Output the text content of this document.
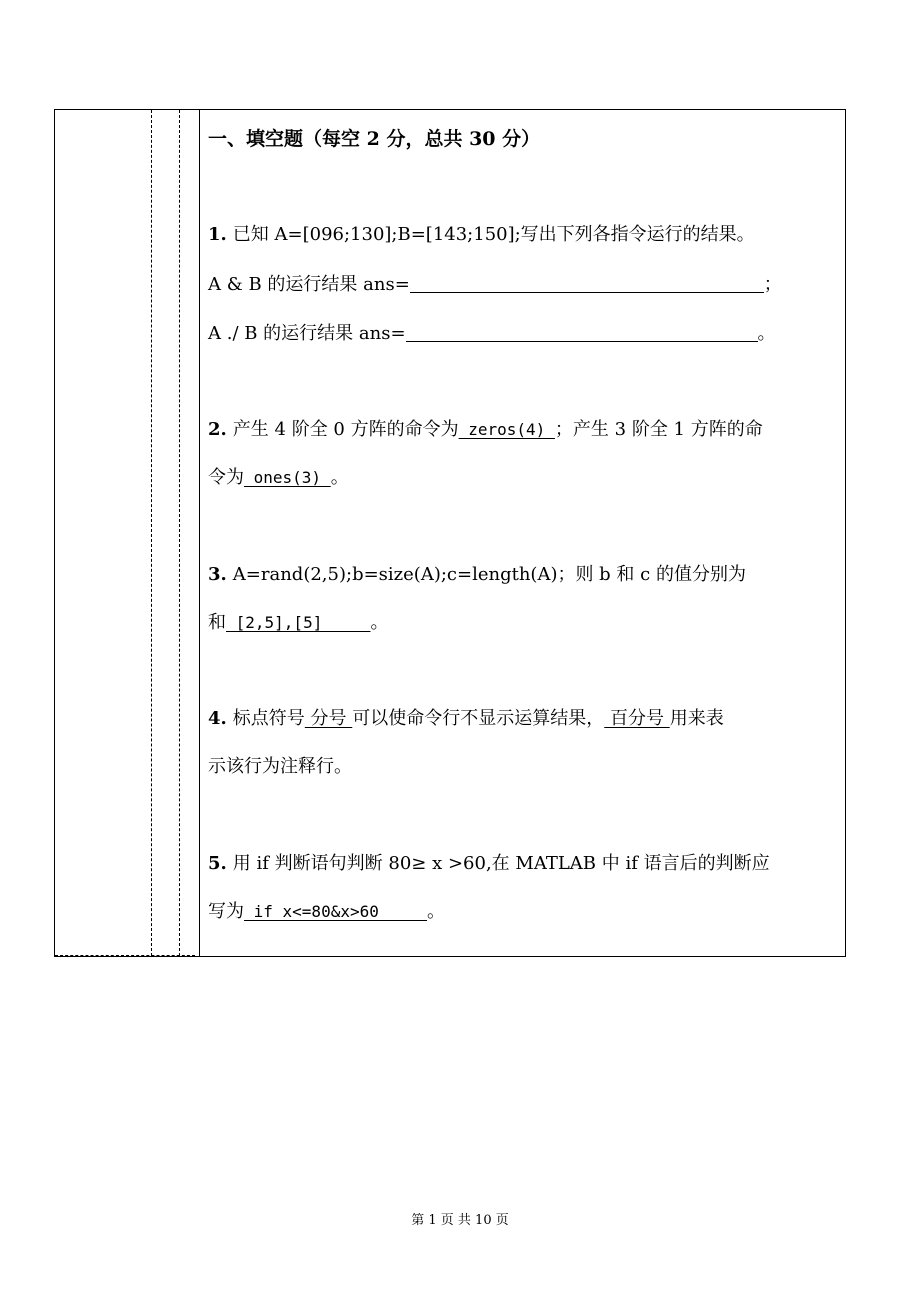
一、填空题（每空 2 分，总共 30 分）
1. 已知 A=[096;130];B=[143;150];写出下列各指令运行的结果。
A & B 的运行结果 ans=	；
A ./ B 的运行结果 ans=	。
2. 产生 4 阶全 0 方阵的命令为 zeros(4) ；产生 3 阶全 1 方阵的命
令为 ones(3) 。
3. A=rand(2,5);b=size(A);c=length(A)；则 b 和 c 的值分别为
和 [2,5],[5]     。
4. 标点符号 分号 可以使命令行不显示运算结果， 百分号 用来表
示该行为注释行。
5. 用 if 判断语句判断 80≥ x >60,在 MATLAB 中 if 语言后的判断应
写为 if x<=80&x>60     。
第 1 页 共 10 页
